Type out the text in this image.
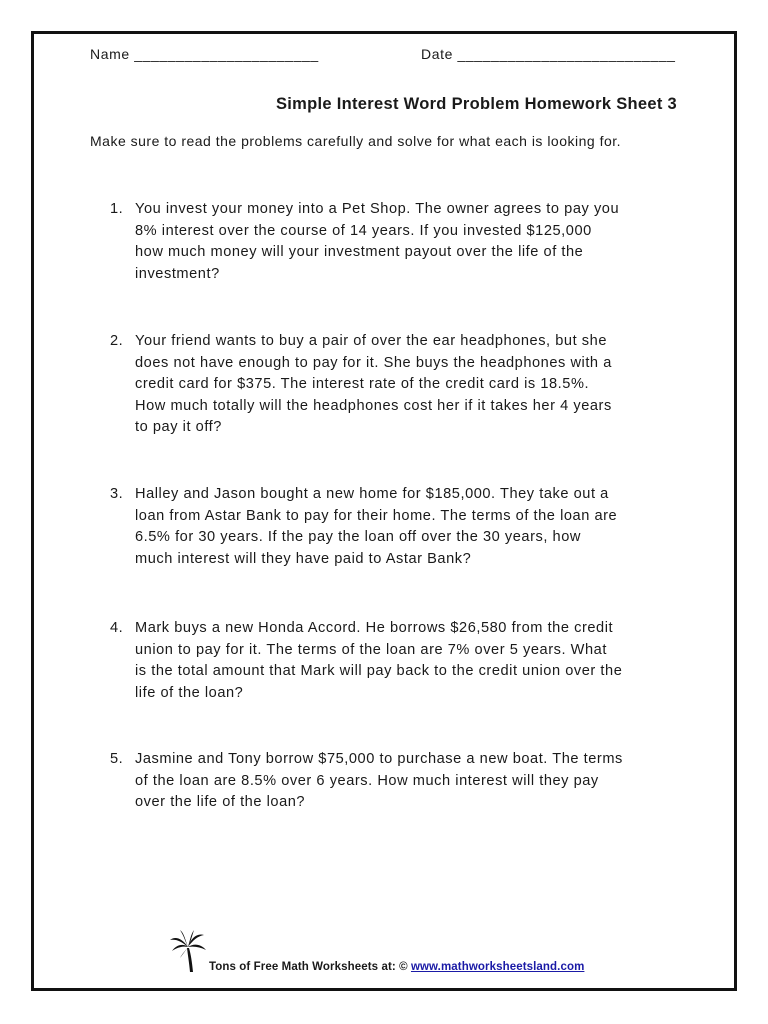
Name ______________________	Date __________________________
Simple Interest Word Problem Homework Sheet 3
Make sure to read the problems carefully and solve for what each is looking for.
1. You invest your money into a Pet Shop. The owner agrees to pay you
8% interest over the course of 14 years. If you invested $125,000
how much money will your investment payout over the life of the
investment?
2. Your friend wants to buy a pair of over the ear headphones, but she
does not have enough to pay for it. She buys the headphones with a
credit card for $375. The interest rate of the credit card is 18.5%.
How much totally will the headphones cost her if it takes her 4 years
to pay it off?
3. Halley and Jason bought a new home for $185,000. They take out a
loan from Astar Bank to pay for their home. The terms of the loan are
6.5% for 30 years. If the pay the loan off over the 30 years, how
much interest will they have paid to Astar Bank?
4. Mark buys a new Honda Accord. He borrows $26,580 from the credit
union to pay for it. The terms of the loan are 7% over 5 years. What
is the total amount that Mark will pay back to the credit union over the
life of the loan?
5. Jasmine and Tony borrow $75,000 to purchase a new boat. The terms
of the loan are 8.5% over 6 years. How much interest will they pay
over the life of the loan?
Tons of Free Math Worksheets at: © www.mathworksheetsland.com
